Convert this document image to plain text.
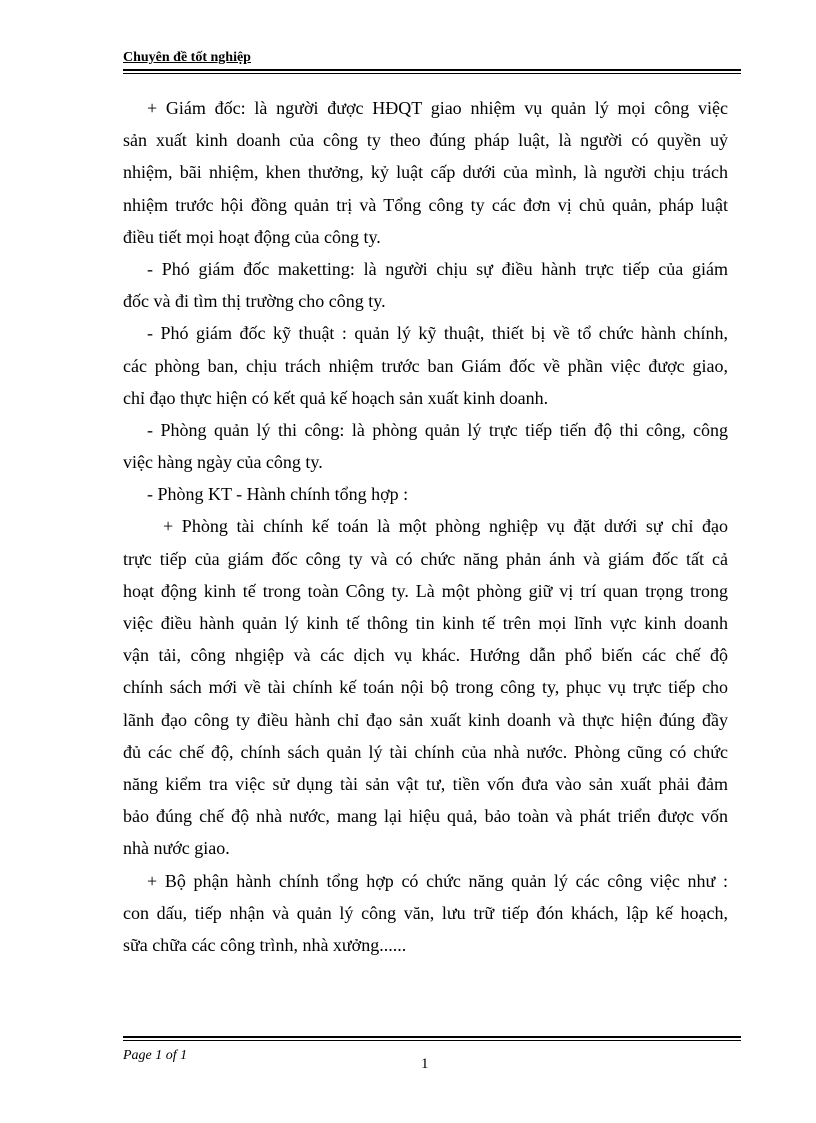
Chuyên đề tốt nghiệp
+ Giám đốc: là người được HĐQT giao nhiệm vụ quản lý mọi công việc
sản xuất kinh doanh của công ty theo đúng pháp luật, là người có quyền uỷ
nhiệm, bãi nhiệm, khen thưởng, kỷ luật cấp dưới của mình, là người chịu trách
nhiệm trước hội đồng quản trị và Tổng công ty các đơn vị chủ quản, pháp luật
điều tiết mọi hoạt động của công ty.
- Phó giám đốc maketting: là người chịu sự điều hành trực tiếp của giám
đốc và đi tìm thị trường cho công ty.
- Phó giám đốc kỹ thuật : quản lý kỹ thuật, thiết bị về tổ chức hành chính,
các phòng ban, chịu trách nhiệm trước ban Giám đốc về phần việc được giao,
chỉ đạo thực hiện có kết quả kế hoạch sản xuất kinh doanh.
- Phòng quản lý thi công: là phòng quản lý trực tiếp tiến độ thi công, công
việc hàng ngày của công ty.
- Phòng KT - Hành chính tổng hợp :
+ Phòng tài chính kế toán là một phòng nghiệp vụ đặt dưới sự chỉ đạo
trực tiếp của giám đốc công ty và có chức năng phản ánh và giám đốc tất cả
hoạt động kinh tế trong toàn Công ty. Là một phòng giữ vị trí quan trọng trong
việc điều hành quản lý kinh tế thông tin kinh tế trên mọi lĩnh vực kinh doanh
vận tải, công nhgiệp và các dịch vụ khác. Hướng dẫn phổ biến các chế độ
chính sách mới về tài chính kế toán nội bộ trong công ty, phục vụ trực tiếp cho
lãnh đạo công ty điều hành chỉ đạo sản xuất kinh doanh và thực hiện đúng đầy
đủ các chế độ, chính sách quản lý tài chính của nhà nước. Phòng cũng có chức
năng kiểm tra việc sử dụng tài sản vật tư, tiền vốn đưa vào sản xuất phải đảm
bảo đúng chế độ nhà nước, mang lại hiệu quả, bảo toàn và phát triển được vốn
nhà nước giao.
+ Bộ phận hành chính tổng hợp có chức năng quản lý các công việc như :
con dấu, tiếp nhận và quản lý công văn, lưu trữ tiếp đón khách, lập kế hoạch,
sữa chữa các công trình, nhà xưởng......
Page 1 of 1
1
